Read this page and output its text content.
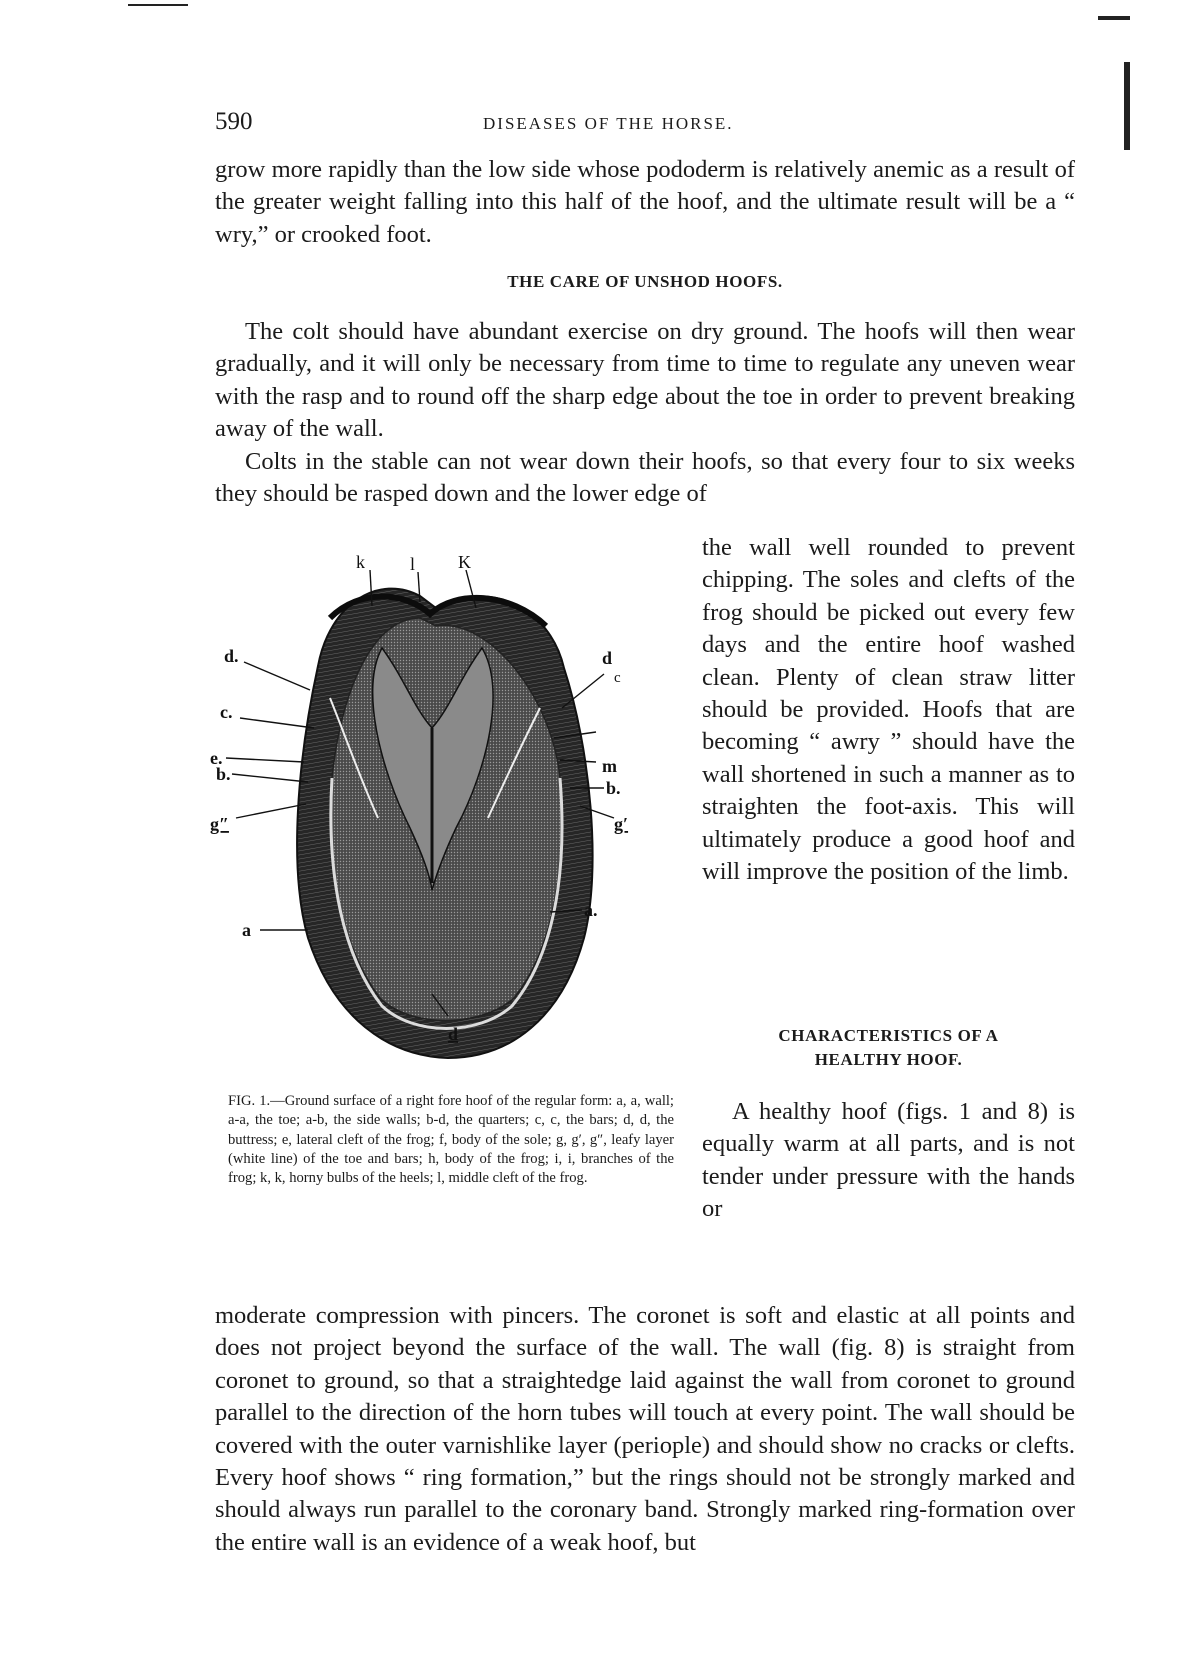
590	DISEASES OF THE HORSE.

grow more rapidly than the low side whose pododerm is relatively anemic as a result of the greater weight falling into this half of the hoof, and the ultimate result will be a “ wry,” or crooked foot.

THE CARE OF UNSHOD HOOFS.

The colt should have abundant exercise on dry ground. The hoofs will then wear gradually, and it will only be necessary from time to time to regulate any uneven wear with the rasp and to round off the sharp edge about the toe in order to prevent breaking away of the wall.

Colts in the stable can not wear down their hoofs, so that every four to six weeks they should be rasped down and the lower edge of

the wall well rounded to prevent chipping. The soles and clefts of the frog should be picked out every few days and the entire hoof washed clean. Plenty of clean straw litter should be provided. Hoofs that are becoming “ awry ” should have the wall shortened in such a manner as to straighten the foot-axis. This will ultimately produce a good hoof and will improve the position of the limb.

k	l K
d.
c.
e.
b.
g″
a
d
c
m
b.
g′
a.
d
FIG. 1.—Ground surface of a right fore hoof of the regular form: a, a, wall; a-a, the toe; a-b, the side walls; b-d, the quarters; c, c, the bars; d, d, the buttress; e, lateral cleft of the frog; f, body of the sole; g, g′, g″, leafy layer (white line) of the toe and bars; h, body of the frog; i, i, branches of the frog; k, k, horny bulbs of the heels; l, middle cleft of the frog.
CHARACTERISTICS OF A
HEALTHY HOOF.

A healthy hoof (figs. 1 and 8) is equally warm at all parts, and is not tender under pressure with the hands or

moderate compression with pincers. The coronet is soft and elastic at all points and does not project beyond the surface of the wall. The wall (fig. 8) is straight from coronet to ground, so that a straightedge laid against the wall from coronet to ground parallel to the direction of the horn tubes will touch at every point. The wall should be covered with the outer varnishlike layer (periople) and should show no cracks or clefts. Every hoof shows “ ring formation,” but the rings should not be strongly marked and should always run parallel to the coronary band. Strongly marked ring-formation over the entire wall is an evidence of a weak hoof, but
